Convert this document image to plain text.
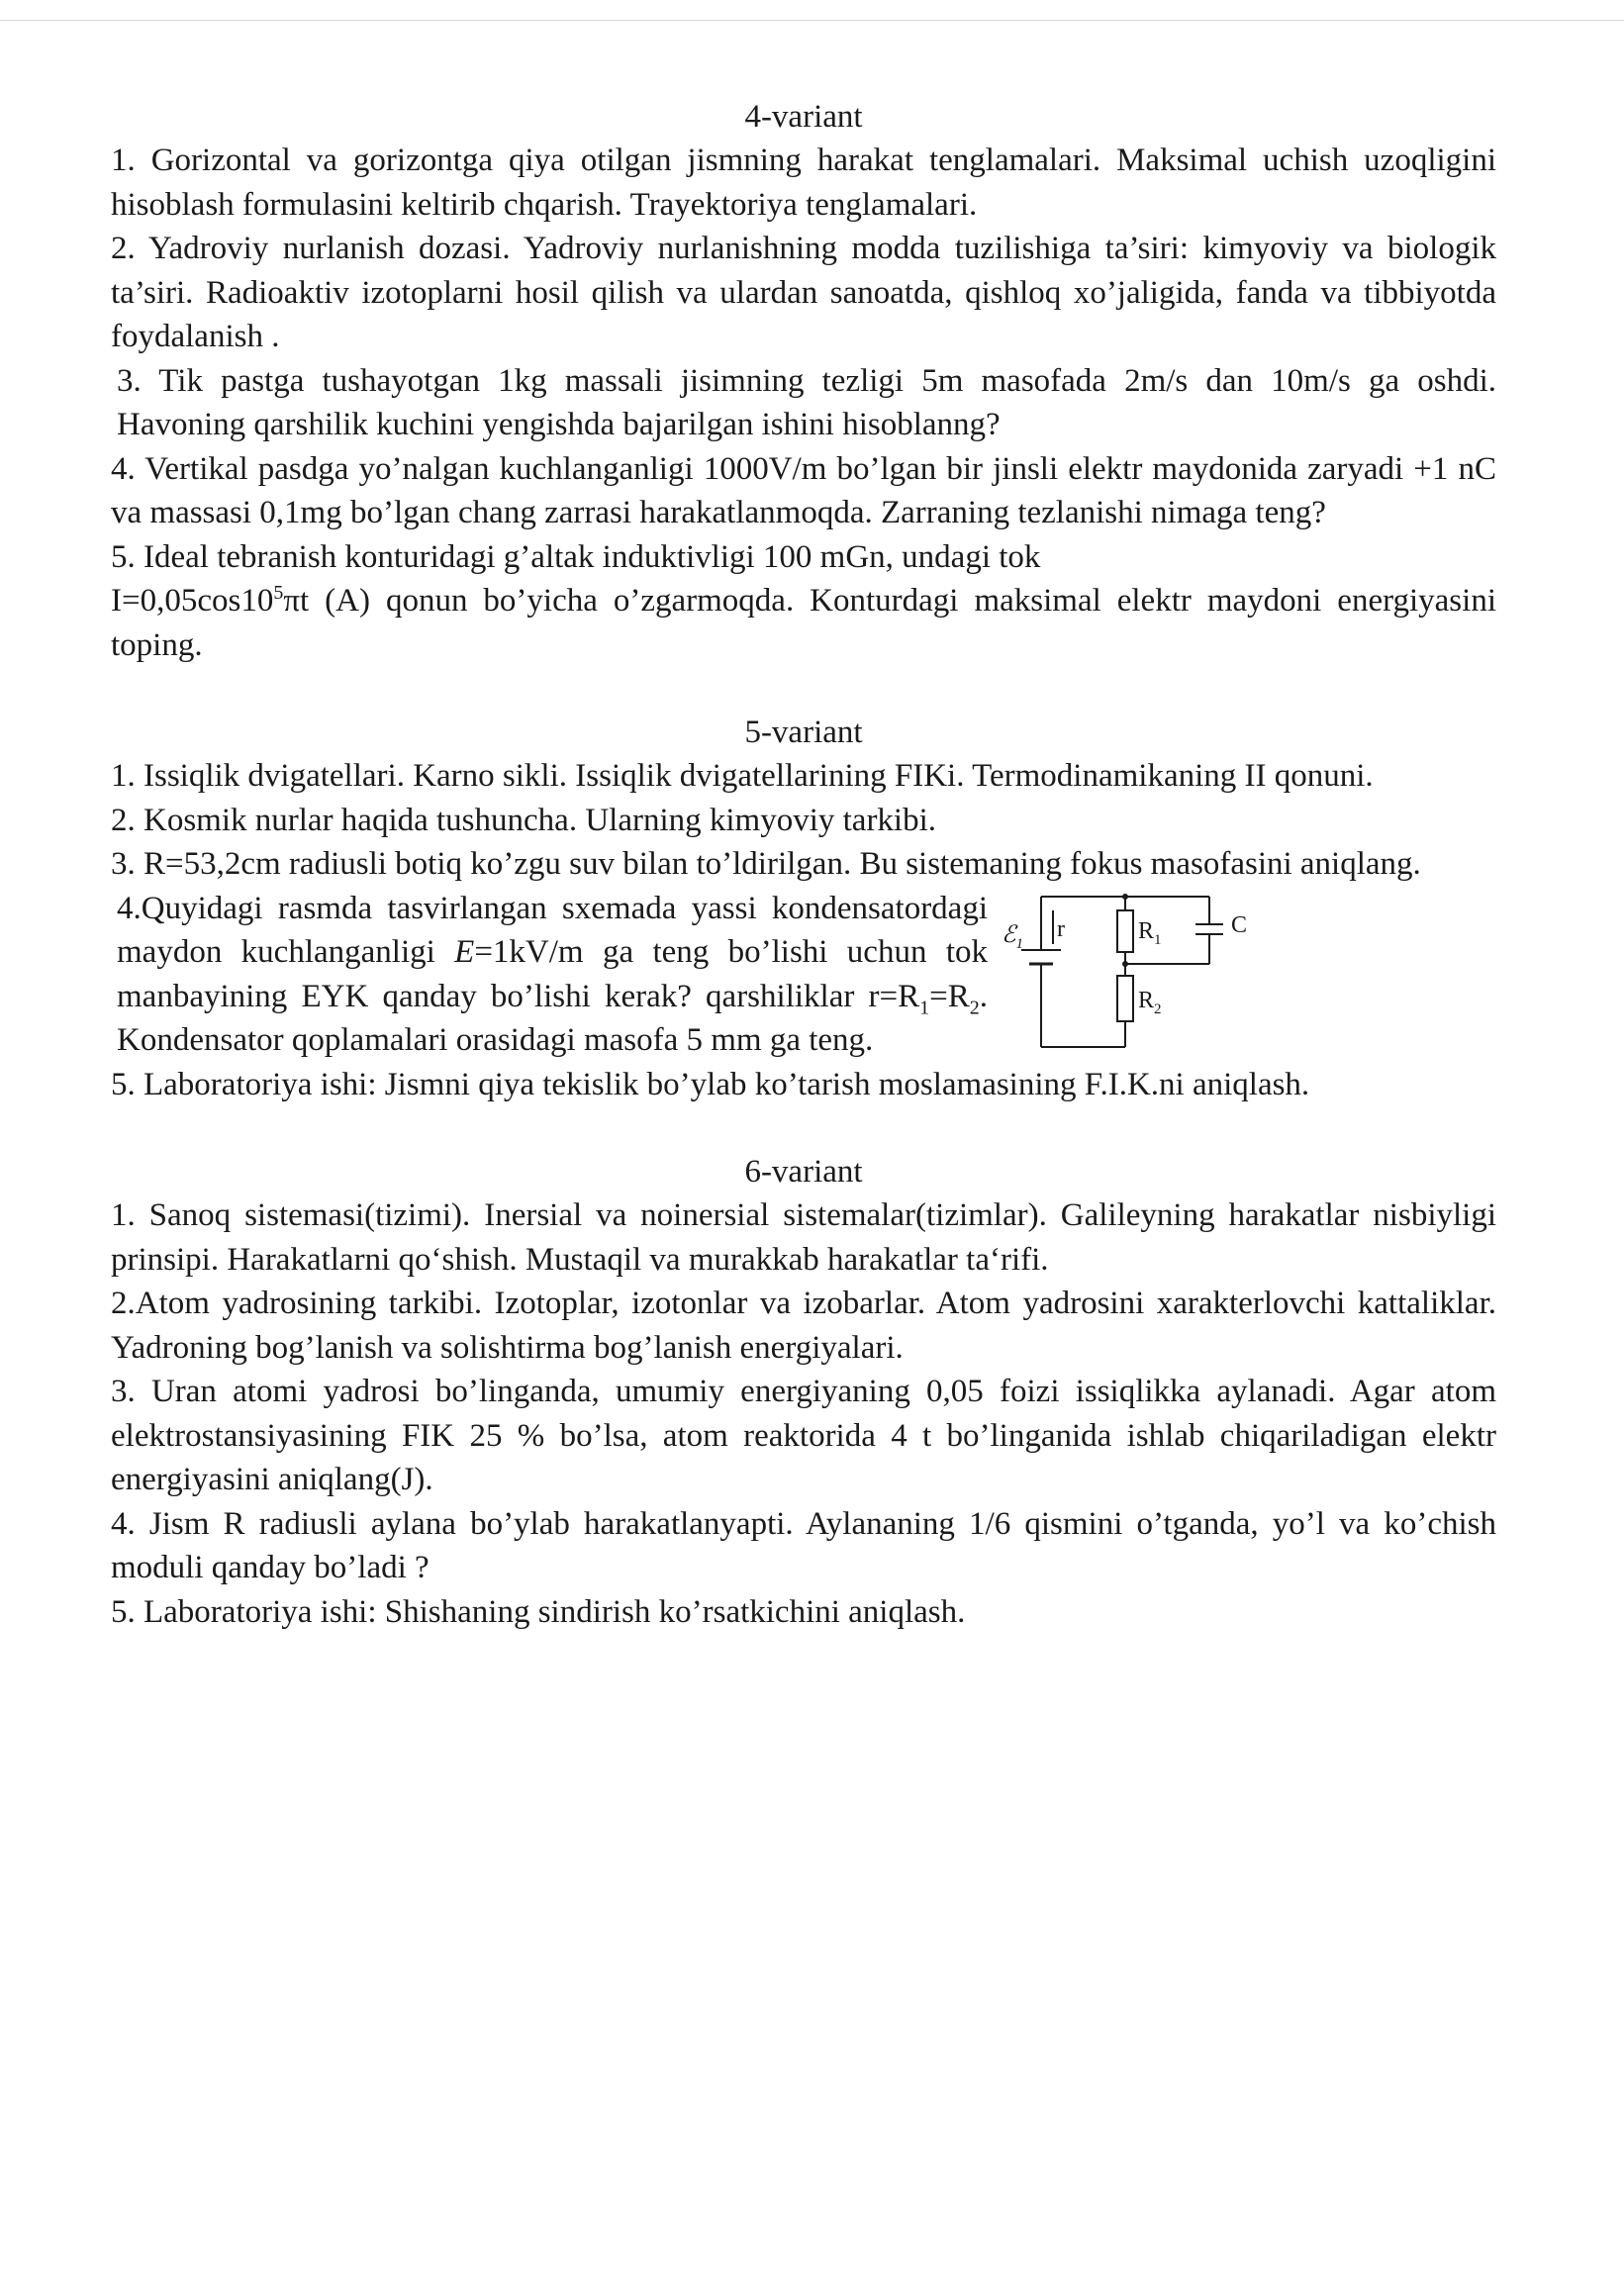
4-variant

1. Gorizontal va gorizontga qiya otilgan jismning harakat tenglamalari. Maksimal uchish uzoqligini hisoblash formulasini keltirib chqarish. Trayektoriya tenglamalari.

2. Yadroviy nurlanish dozasi. Yadroviy nurlanishning modda tuzilishiga ta’siri: kimyoviy va biologik ta’siri. Radioaktiv izotoplarni hosil qilish va ulardan sanoatda, qishloq xo’jaligida, fanda va tibbiyotda foydalanish .

3. Tik pastga tushayotgan 1kg massali jisimning tezligi 5m masofada 2m/s dan 10m/s ga oshdi. Havoning qarshilik kuchini yengishda bajarilgan ishini hisoblanng?

4. Vertikal pasdga yo’nalgan kuchlanganligi 1000V/m bo’lgan bir jinsli elektr maydonida zaryadi +1 nC va massasi 0,1mg bo’lgan chang zarrasi harakatlanmoqda. Zarraning tezlanishi nimaga teng?

5. Ideal tebranish konturidagi g’altak induktivligi 100 mGn, undagi tok
$I=0,05\cos 10^5\pi t$ (A) qonun bo’yicha o’zgarmoqda. Konturdagi maksimal elektr maydoni energiyasini toping.

5-variant

1. Issiqlik dvigatellari. Karno sikli. Issiqlik dvigatellarining FIKi. Termodinamikaning II qonuni.

2. Kosmik nurlar haqida tushuncha. Ularning kimyoviy tarkibi.

3. R=53,2cm radiusli botiq ko’zgu suv bilan to’ldirilgan. Bu sistemaning fokus masofasini aniqlang.

4.Quyidagi rasmda tasvirlangan sxemada yassi kondensatordagi maydon kuchlanganligi E=1kV/m ga teng bo’lishi uchun tok manbayining EYK qanday bo’lishi kerak? qarshiliklar $r=R_1=R_2$. Kondensator qoplamalari orasidagi masofa 5 mm ga teng.

ℰ$_1$
r	$R_1$
$R_2$
C

5. Laboratoriya ishi: Jismni qiya tekislik bo’ylab ko’tarish moslamasining F.I.K.ni aniqlash.

6-variant

1. Sanoq sistemasi(tizimi). Inersial va noinersial sistemalar(tizimlar). Galileyning harakatlar nisbiyligi prinsipi. Harakatlarni qo‘shish. Mustaqil va murakkab harakatlar ta‘rifi.

2.Atom yadrosining tarkibi. Izotoplar, izotonlar va izobarlar. Atom yadrosini xarakterlovchi kattaliklar. Yadroning bog’lanish va solishtirma bog’lanish energiyalari.

3. Uran atomi yadrosi bo’linganda, umumiy energiyaning 0,05 foizi issiqlikka aylanadi. Agar atom elektrostansiyasining FIK 25 % bo’lsa, atom reaktorida 4 t bo’linganida ishlab chiqariladigan elektr energiyasini aniqlang(J).

4. Jism R radiusli aylana bo’ylab harakatlanyapti. Aylananing 1/6 qismini o’tganda, yo’l va ko’chish moduli qanday bo’ladi ?

5. Laboratoriya ishi: Shishaning sindirish ko’rsatkichini aniqlash.
